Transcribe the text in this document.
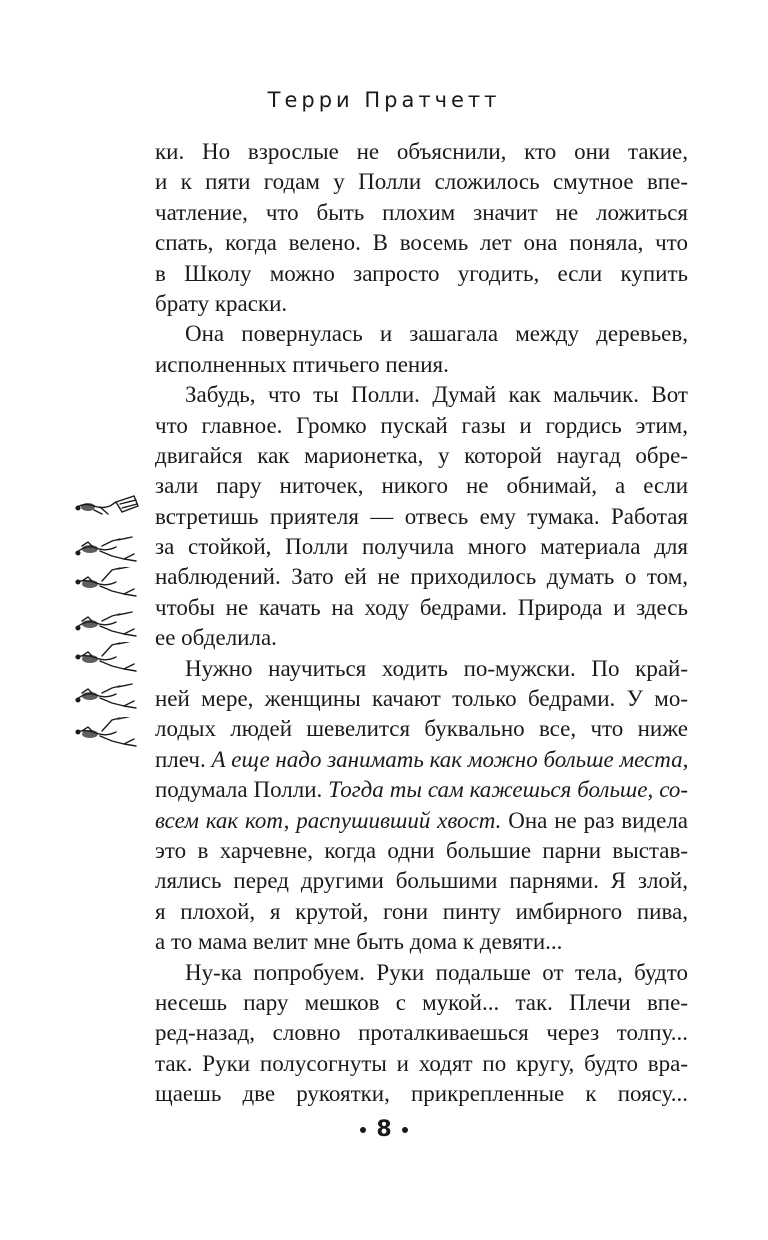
Терри Пратчетт
ки. Но взрослые не объяснили, кто они такие,
и к пяти годам у Полли сложилось смутное впе-
чатление, что быть плохим значит не ложиться
спать, когда велено. В восемь лет она поняла, что
в Школу можно запросто угодить, если купить
брату краски.
Она повернулась и зашагала между деревьев,
исполненных птичьего пения.
Забудь, что ты Полли. Думай как мальчик. Вот
что главное. Громко пускай газы и гордись этим,
двигайся как марионетка, у которой наугад обре-
зали пару ниточек, никого не обнимай, а если
встретишь приятеля — отвесь ему тумака. Работая
за стойкой, Полли получила много материала для
наблюдений. Зато ей не приходилось думать о том,
чтобы не качать на ходу бедрами. Природа и здесь
ее обделила.
Нужно научиться ходить по-мужски. По край-
ней мере, женщины качают только бедрами. У мо-
лодых людей шевелится буквально все, что ниже
плеч. А еще надо занимать как можно больше места,
подумала Полли. Тогда ты сам кажешься больше, со-
всем как кот, распушивший хвост. Она не раз видела
это в харчевне, когда одни большие парни выстав-
лялись перед другими большими парнями. Я злой,
я плохой, я крутой, гони пинту имбирного пива,
а то мама велит мне быть дома к девяти...
Ну-ка попробуем. Руки подальше от тела, будто
несешь пару мешков с мукой... так. Плечи впе-
ред-назад, словно проталкиваешься через толпу...
так. Руки полусогнуты и ходят по кругу, будто вра-
щаешь две рукоятки, прикрепленные к поясу...
8
